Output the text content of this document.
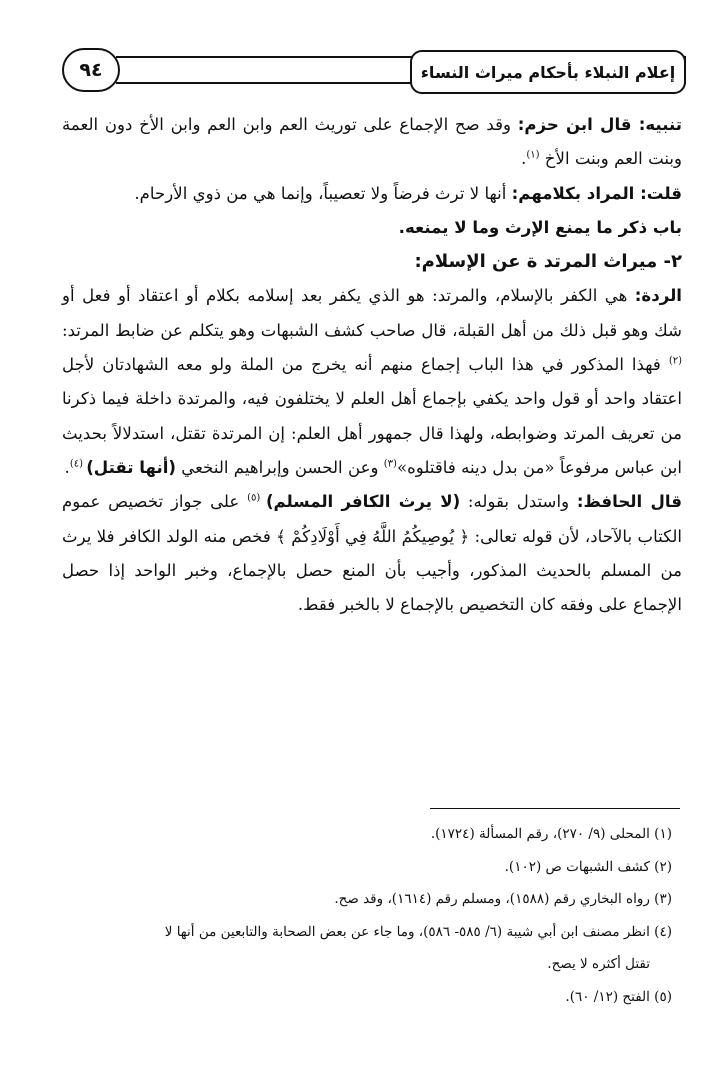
إعلام النبلاء بأحكام ميراث النساء
٩٤

تنبيه: قال ابن حزم: وقد صح الإجماع على توريث العم وابن العم وابن الأخ دون العمة وبنت العم وبنت الأخ $^{(١)}$.

قلت: المراد بكلامهم: أنها لا ترث فرضاً ولا تعصيباً، وإنما هي من ذوي الأرحام.

باب ذكر ما يمنع الإرث وما لا يمنعه.

٢- ميراث المرتد ة عن الإسلام:

الردة: هي الكفر بالإسلام، والمرتد: هو الذي يكفر بعد إسلامه بكلام أو اعتقاد أو فعل أو شك وهو قبل ذلك من أهل القبلة، قال صاحب كشف الشبهات وهو يتكلم عن ضابط المرتد:$^{(٢)}$ فهذا المذكور في هذا الباب إجماع منهم أنه يخرج من الملة ولو معه الشهادتان لأجل اعتقاد واحد أو قول واحد يكفي بإجماع أهل العلم لا يختلفون فيه، والمرتدة داخلة فيما ذكرنا من تعريف المرتد وضوابطه، ولهذا قال جمهور أهل العلم: إن المرتدة تقتل، استدلالاً بحديث ابن عباس مرفوعاً «من بدل دينه فاقتلوه»$^{(٣)}$ وعن الحسن وإبراهيم النخعي (أنها تقتل) $^{(٤)}$.

قال الحافظ: واستدل بقوله: (لا يرث الكافر المسلم) $^{(٥)}$ على جواز تخصيص عموم الكتاب بالآحاد، لأن قوله تعالى: ﴿ يُوصِيكُمُ اللَّهُ فِي أَوْلَادِكُمْ ﴾ فخص منه الولد الكافر فلا يرث من المسلم بالحديث المذكور، وأجيب بأن المنع حصل بالإجماع، وخبر الواحد إذا حصل الإجماع على وفقه كان التخصيص بالإجماع لا بالخبر فقط.

(١) المحلى (٩/ ٢٧٠)، رقم المسألة (١٧٢٤).

(٢) كشف الشبهات ص (١٠٢).

(٣) رواه البخاري رقم (١٥٨٨)، ومسلم رقم (١٦١٤)، وقد صح.

(٤) انظر مصنف ابن أبي شيبة (٦/ ٥٨٥- ٥٨٦)، وما جاء عن بعض الصحابة والتابعين من أنها لا

تقتل أكثره لا يصح.

(٥) الفتح (١٢/ ٦٠).
